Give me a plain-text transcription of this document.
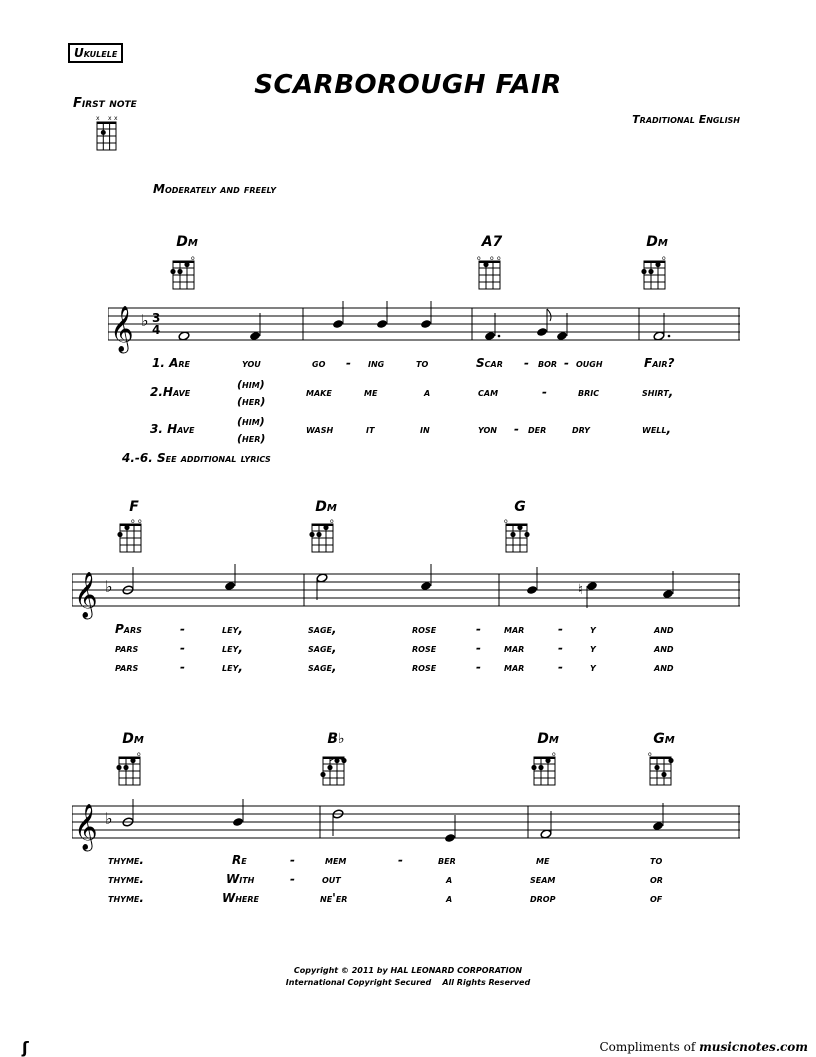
Ukulele
SCARBOROUGH FAIR
First note
Traditional English
Moderately and freely
x x x
Dm	A7	Dm
o	o o o	o
𝄞 ♭ 3
4
1. Are	you	go - ing	to	Scar - bor - ough	Fair?
2.Have
(him)
(her)
make	me	a	cam	-	bric	shirt,
3. Have
(him)
(her)
wash	it	in	yon - der dry	well,
4.-6. See additional lyrics
F	Dm	G
o o	o	o
𝄞 ♭	♮
Pars	-	ley,	sage,	rose	- mar	- y	and
pars	-	ley,	sage,	rose	- mar	- y	and
pars	-	ley,	sage,	rose	- mar	- y	and
Dm	B♭	Dm	Gm
o	o	o
𝄞 ♭
thyme.	Re	-	mem	-	ber	me	to
thyme.	With	- out	a	seam	or
thyme.	Where	ne'er	a	drop	of
Copyright © 2011 by HAL LEONARD CORPORATION
International Copyright Secured    All Rights Reserved
ʃ	Compliments of musicnotes.com
